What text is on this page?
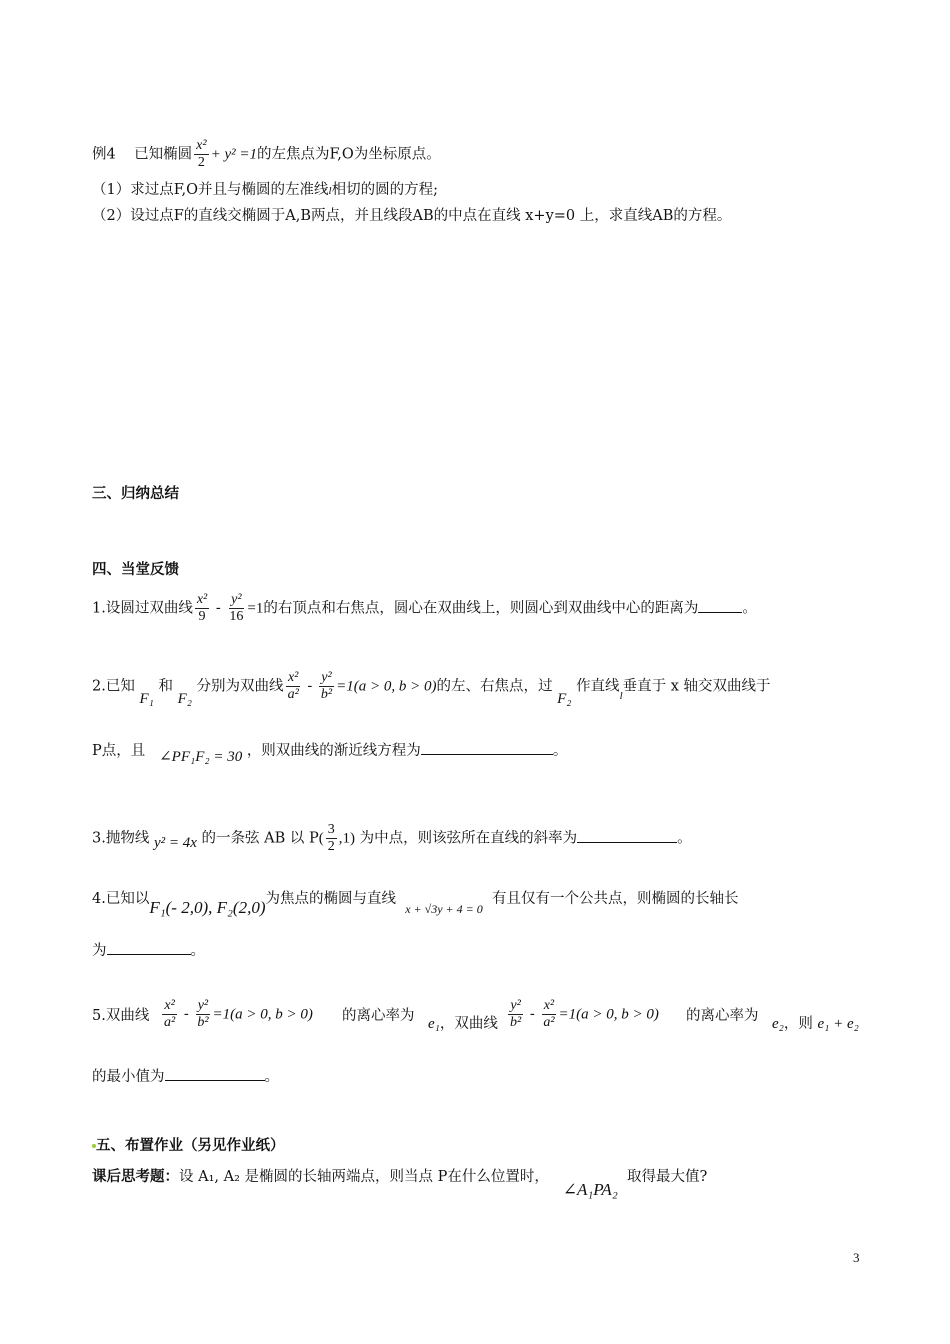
例4 已知椭圆 $\frac{\text{x²}}{2} + y^2 =1$的左焦点为F,O为坐标原点。
（1）求过点F,O并且与椭圆的左准线l相切的圆的方程;
（2）设过点F的直线交椭圆于A,B两点，并且线段AB的中点在直线 x+y=0 上，求直线AB的方程。
三、归纳总结
四、当堂反馈
1.设圆过双曲线 $\frac{\text{x²}}{9} - \frac{\text{y²}}{16} =1$的右顶点和右焦点，圆心在双曲线上，则圆心到双曲线中心的距离为	。
2.已知 F₁ 和 F₂ 分别为双曲线 $\frac{\text{x²}}{\text{a²}} - \frac{\text{y²}}{\text{b²}} =1(a > 0$, b > 0)的左、右焦点，过 F₂ 作直线$_l$垂直于 x 轴交双曲线于
P点，且 ∠PF₁F₂ = 30 ，则双曲线的渐近线方程为	。
3.抛物线 y² = 4x 的一条弦 AB 以 $P( \frac{3}{2} ,1)$ 为中点，则该弦所在直线的斜率为	。
4.已知以F₁(- 2,0), F₂(2,0)为焦点的椭圆与直线  $_{x + √3y + 4 = 0}$  有且仅有一个公共点，则椭圆的长轴长
为	。
5.双曲线 $\frac{\text{x²}}{\text{a²}} - \frac{\text{y²}}{\text{b²}} =1(a > 0$, b > 0) 的离心率为 e₁，双曲线 $\frac{\text{y²}}{\text{b²}} - \frac{\text{x²}}{\text{a²}} =1(a > 0$, b > 0) 的离心率为 e₂，则 e₁ + e₂
的最小值为	。
五、布置作业（另见作业纸）
课后思考题：设 A₁, A₂ 是椭圆的长轴两端点，则当点 P在什么位置时，   ∠A₁PA₂  取得最大值?
3
